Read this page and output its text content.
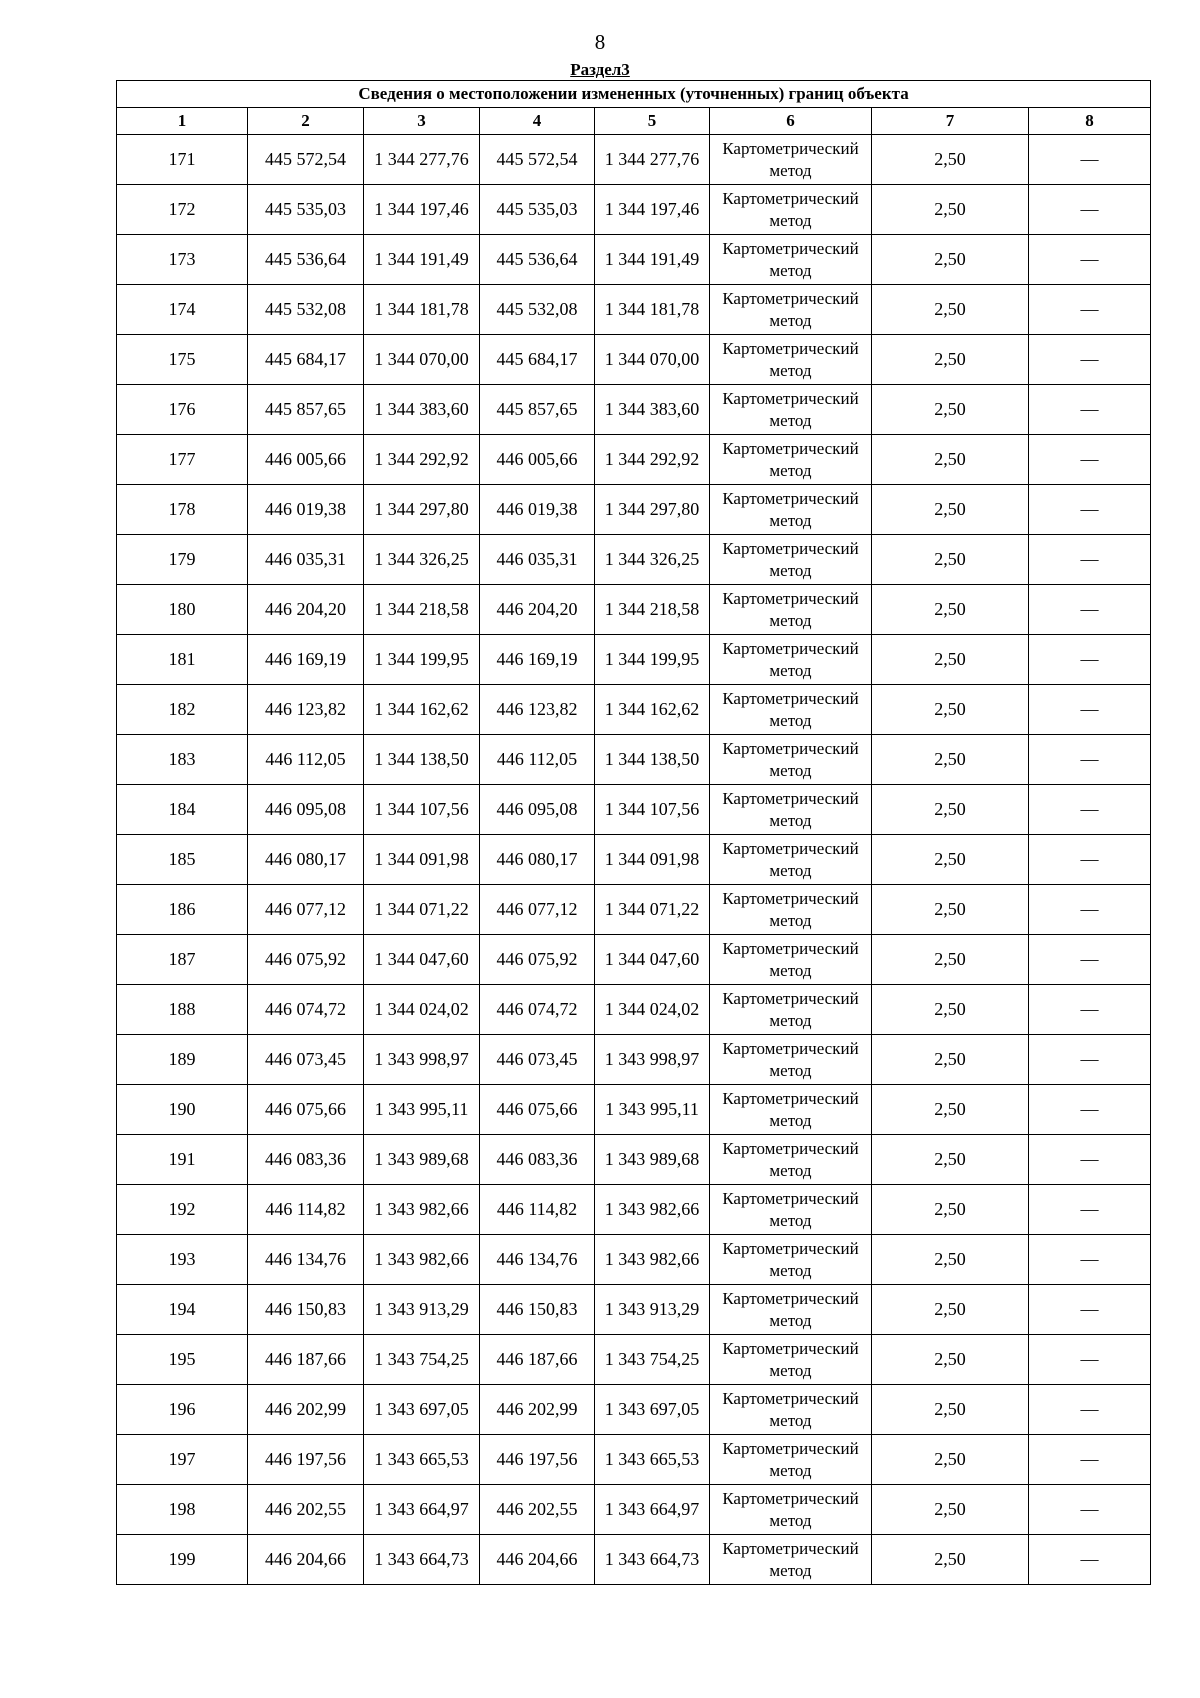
8
Раздел3
Сведения о местоположении измененных (уточненных) границ объекта							
1	2	3	4	5	6	7	8
171	445 572,54	1 344 277,76	445 572,54	1 344 277,76	Картометрический метод	2,50	—
172	445 535,03	1 344 197,46	445 535,03	1 344 197,46	Картометрический метод	2,50	—
173	445 536,64	1 344 191,49	445 536,64	1 344 191,49	Картометрический метод	2,50	—
174	445 532,08	1 344 181,78	445 532,08	1 344 181,78	Картометрический метод	2,50	—
175	445 684,17	1 344 070,00	445 684,17	1 344 070,00	Картометрический метод	2,50	—
176	445 857,65	1 344 383,60	445 857,65	1 344 383,60	Картометрический метод	2,50	—
177	446 005,66	1 344 292,92	446 005,66	1 344 292,92	Картометрический метод	2,50	—
178	446 019,38	1 344 297,80	446 019,38	1 344 297,80	Картометрический метод	2,50	—
179	446 035,31	1 344 326,25	446 035,31	1 344 326,25	Картометрический метод	2,50	—
180	446 204,20	1 344 218,58	446 204,20	1 344 218,58	Картометрический метод	2,50	—
181	446 169,19	1 344 199,95	446 169,19	1 344 199,95	Картометрический метод	2,50	—
182	446 123,82	1 344 162,62	446 123,82	1 344 162,62	Картометрический метод	2,50	—
183	446 112,05	1 344 138,50	446 112,05	1 344 138,50	Картометрический метод	2,50	—
184	446 095,08	1 344 107,56	446 095,08	1 344 107,56	Картометрический метод	2,50	—
185	446 080,17	1 344 091,98	446 080,17	1 344 091,98	Картометрический метод	2,50	—
186	446 077,12	1 344 071,22	446 077,12	1 344 071,22	Картометрический метод	2,50	—
187	446 075,92	1 344 047,60	446 075,92	1 344 047,60	Картометрический метод	2,50	—
188	446 074,72	1 344 024,02	446 074,72	1 344 024,02	Картометрический метод	2,50	—
189	446 073,45	1 343 998,97	446 073,45	1 343 998,97	Картометрический метод	2,50	—
190	446 075,66	1 343 995,11	446 075,66	1 343 995,11	Картометрический метод	2,50	—
191	446 083,36	1 343 989,68	446 083,36	1 343 989,68	Картометрический метод	2,50	—
192	446 114,82	1 343 982,66	446 114,82	1 343 982,66	Картометрический метод	2,50	—
193	446 134,76	1 343 982,66	446 134,76	1 343 982,66	Картометрический метод	2,50	—
194	446 150,83	1 343 913,29	446 150,83	1 343 913,29	Картометрический метод	2,50	—
195	446 187,66	1 343 754,25	446 187,66	1 343 754,25	Картометрический метод	2,50	—
196	446 202,99	1 343 697,05	446 202,99	1 343 697,05	Картометрический метод	2,50	—
197	446 197,56	1 343 665,53	446 197,56	1 343 665,53	Картометрический метод	2,50	—
198	446 202,55	1 343 664,97	446 202,55	1 343 664,97	Картометрический метод	2,50	—
199	446 204,66	1 343 664,73	446 204,66	1 343 664,73	Картометрический метод	2,50	—
